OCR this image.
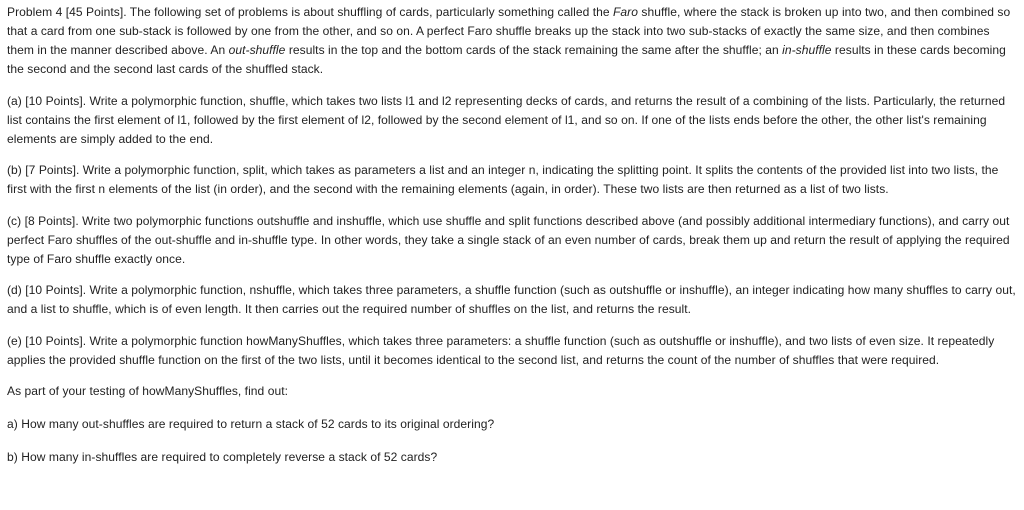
Problem 4 [45 Points]. The following set of problems is about shuffling of cards, particularly something called the Faro shuffle, where the stack is broken up into two, and then combined so that a card from one sub-stack is followed by one from the other, and so on. A perfect Faro shuffle breaks up the stack into two sub-stacks of exactly the same size, and then combines them in the manner described above. An out-shuffle results in the top and the bottom cards of the stack remaining the same after the shuffle; an in-shuffle results in these cards becoming the second and the second last cards of the shuffled stack.

(a) [10 Points]. Write a polymorphic function, shuffle, which takes two lists l1 and l2 representing decks of cards, and returns the result of a combining of the lists. Particularly, the returned list contains the first element of l1, followed by the first element of l2, followed by the second element of l1, and so on. If one of the lists ends before the other, the other list's remaining elements are simply added to the end.

(b) [7 Points]. Write a polymorphic function, split, which takes as parameters a list and an integer n, indicating the splitting point. It splits the contents of the provided list into two lists, the first with the first n elements of the list (in order), and the second with the remaining elements (again, in order). These two lists are then returned as a list of two lists.

(c) [8 Points]. Write two polymorphic functions outshuffle and inshuffle, which use shuffle and split functions described above (and possibly additional intermediary functions), and carry out perfect Faro shuffles of the out-shuffle and in-shuffle type. In other words, they take a single stack of an even number of cards, break them up and return the result of applying the required type of Faro shuffle exactly once.

(d) [10 Points]. Write a polymorphic function, nshuffle, which takes three parameters, a shuffle function (such as outshuffle or inshuffle), an integer indicating how many shuffles to carry out, and a list to shuffle, which is of even length. It then carries out the required number of shuffles on the list, and returns the result.

(e) [10 Points]. Write a polymorphic function howManyShuffles, which takes three parameters: a shuffle function (such as outshuffle or inshuffle), and two lists of even size. It repeatedly applies the provided shuffle function on the first of the two lists, until it becomes identical to the second list, and returns the count of the number of shuffles that were required.

As part of your testing of howManyShuffles, find out:

a) How many out-shuffles are required to return a stack of 52 cards to its original ordering?

b) How many in-shuffles are required to completely reverse a stack of 52 cards?
